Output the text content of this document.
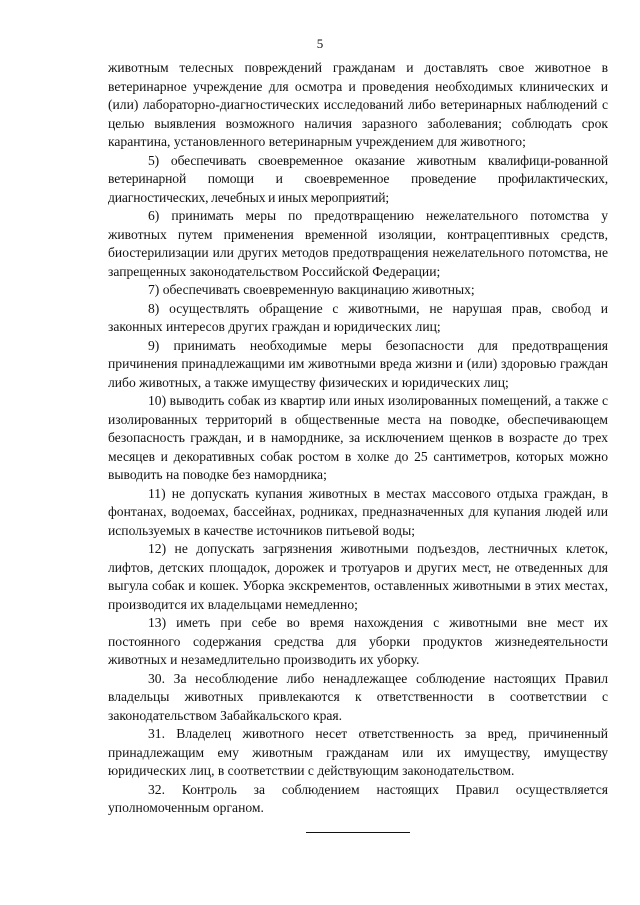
5

животным телесных повреждений гражданам и доставлять свое животное в ветеринарное учреждение для осмотра и проведения необходимых клинических и (или) лабораторно-диагностических исследований либо ветеринарных наблюдений с целью выявления возможного наличия заразного заболевания; соблюдать срок карантина, установленного ветеринарным учреждением для животного;

5) обеспечивать своевременное оказание животным квалифици-рованной ветеринарной помощи и своевременное проведение профилактических, диагностических, лечебных и иных мероприятий;

6) принимать меры по предотвращению нежелательного потомства у животных путем применения временной изоляции, контрацептивных средств, биостерилизации или других методов предотвращения нежелательного потомства, не запрещенных законодательством Российской Федерации;

7) обеспечивать своевременную вакцинацию животных;

8) осуществлять обращение с животными, не нарушая прав, свобод и законных интересов других граждан и юридических лиц;

9) принимать необходимые меры безопасности для предотвращения причинения принадлежащими им животными вреда жизни и (или) здоровью граждан либо животных, а также имуществу физических и юридических лиц;

10) выводить собак из квартир или иных изолированных помещений, а также с изолированных территорий в общественные места на поводке, обеспечивающем безопасность граждан, и в наморднике, за исключением щенков в возрасте до трех месяцев и декоративных собак ростом в холке до 25 сантиметров, которых можно выводить на поводке без намордника;

11) не допускать купания животных в местах массового отдыха граждан, в фонтанах, водоемах, бассейнах, родниках, предназначенных для купания людей или используемых в качестве источников питьевой воды;

12) не допускать загрязнения животными подъездов, лестничных клеток, лифтов, детских площадок, дорожек и тротуаров и других мест, не отведенных для выгула собак и кошек. Уборка экскрементов, оставленных животными в этих местах, производится их владельцами немедленно;

13) иметь при себе во время нахождения с животными вне мест их постоянного содержания средства для уборки продуктов жизнедеятельности животных и незамедлительно производить их уборку.

30. За несоблюдение либо ненадлежащее соблюдение настоящих Правил владельцы животных привлекаются к ответственности в соответствии с законодательством Забайкальского края.

31. Владелец животного несет ответственность за вред, причиненный принадлежащим ему животным гражданам или их имуществу, имуществу юридических лиц, в соответствии с действующим законодательством.

32. Контроль за соблюдением настоящих Правил осуществляется уполномоченным органом.
